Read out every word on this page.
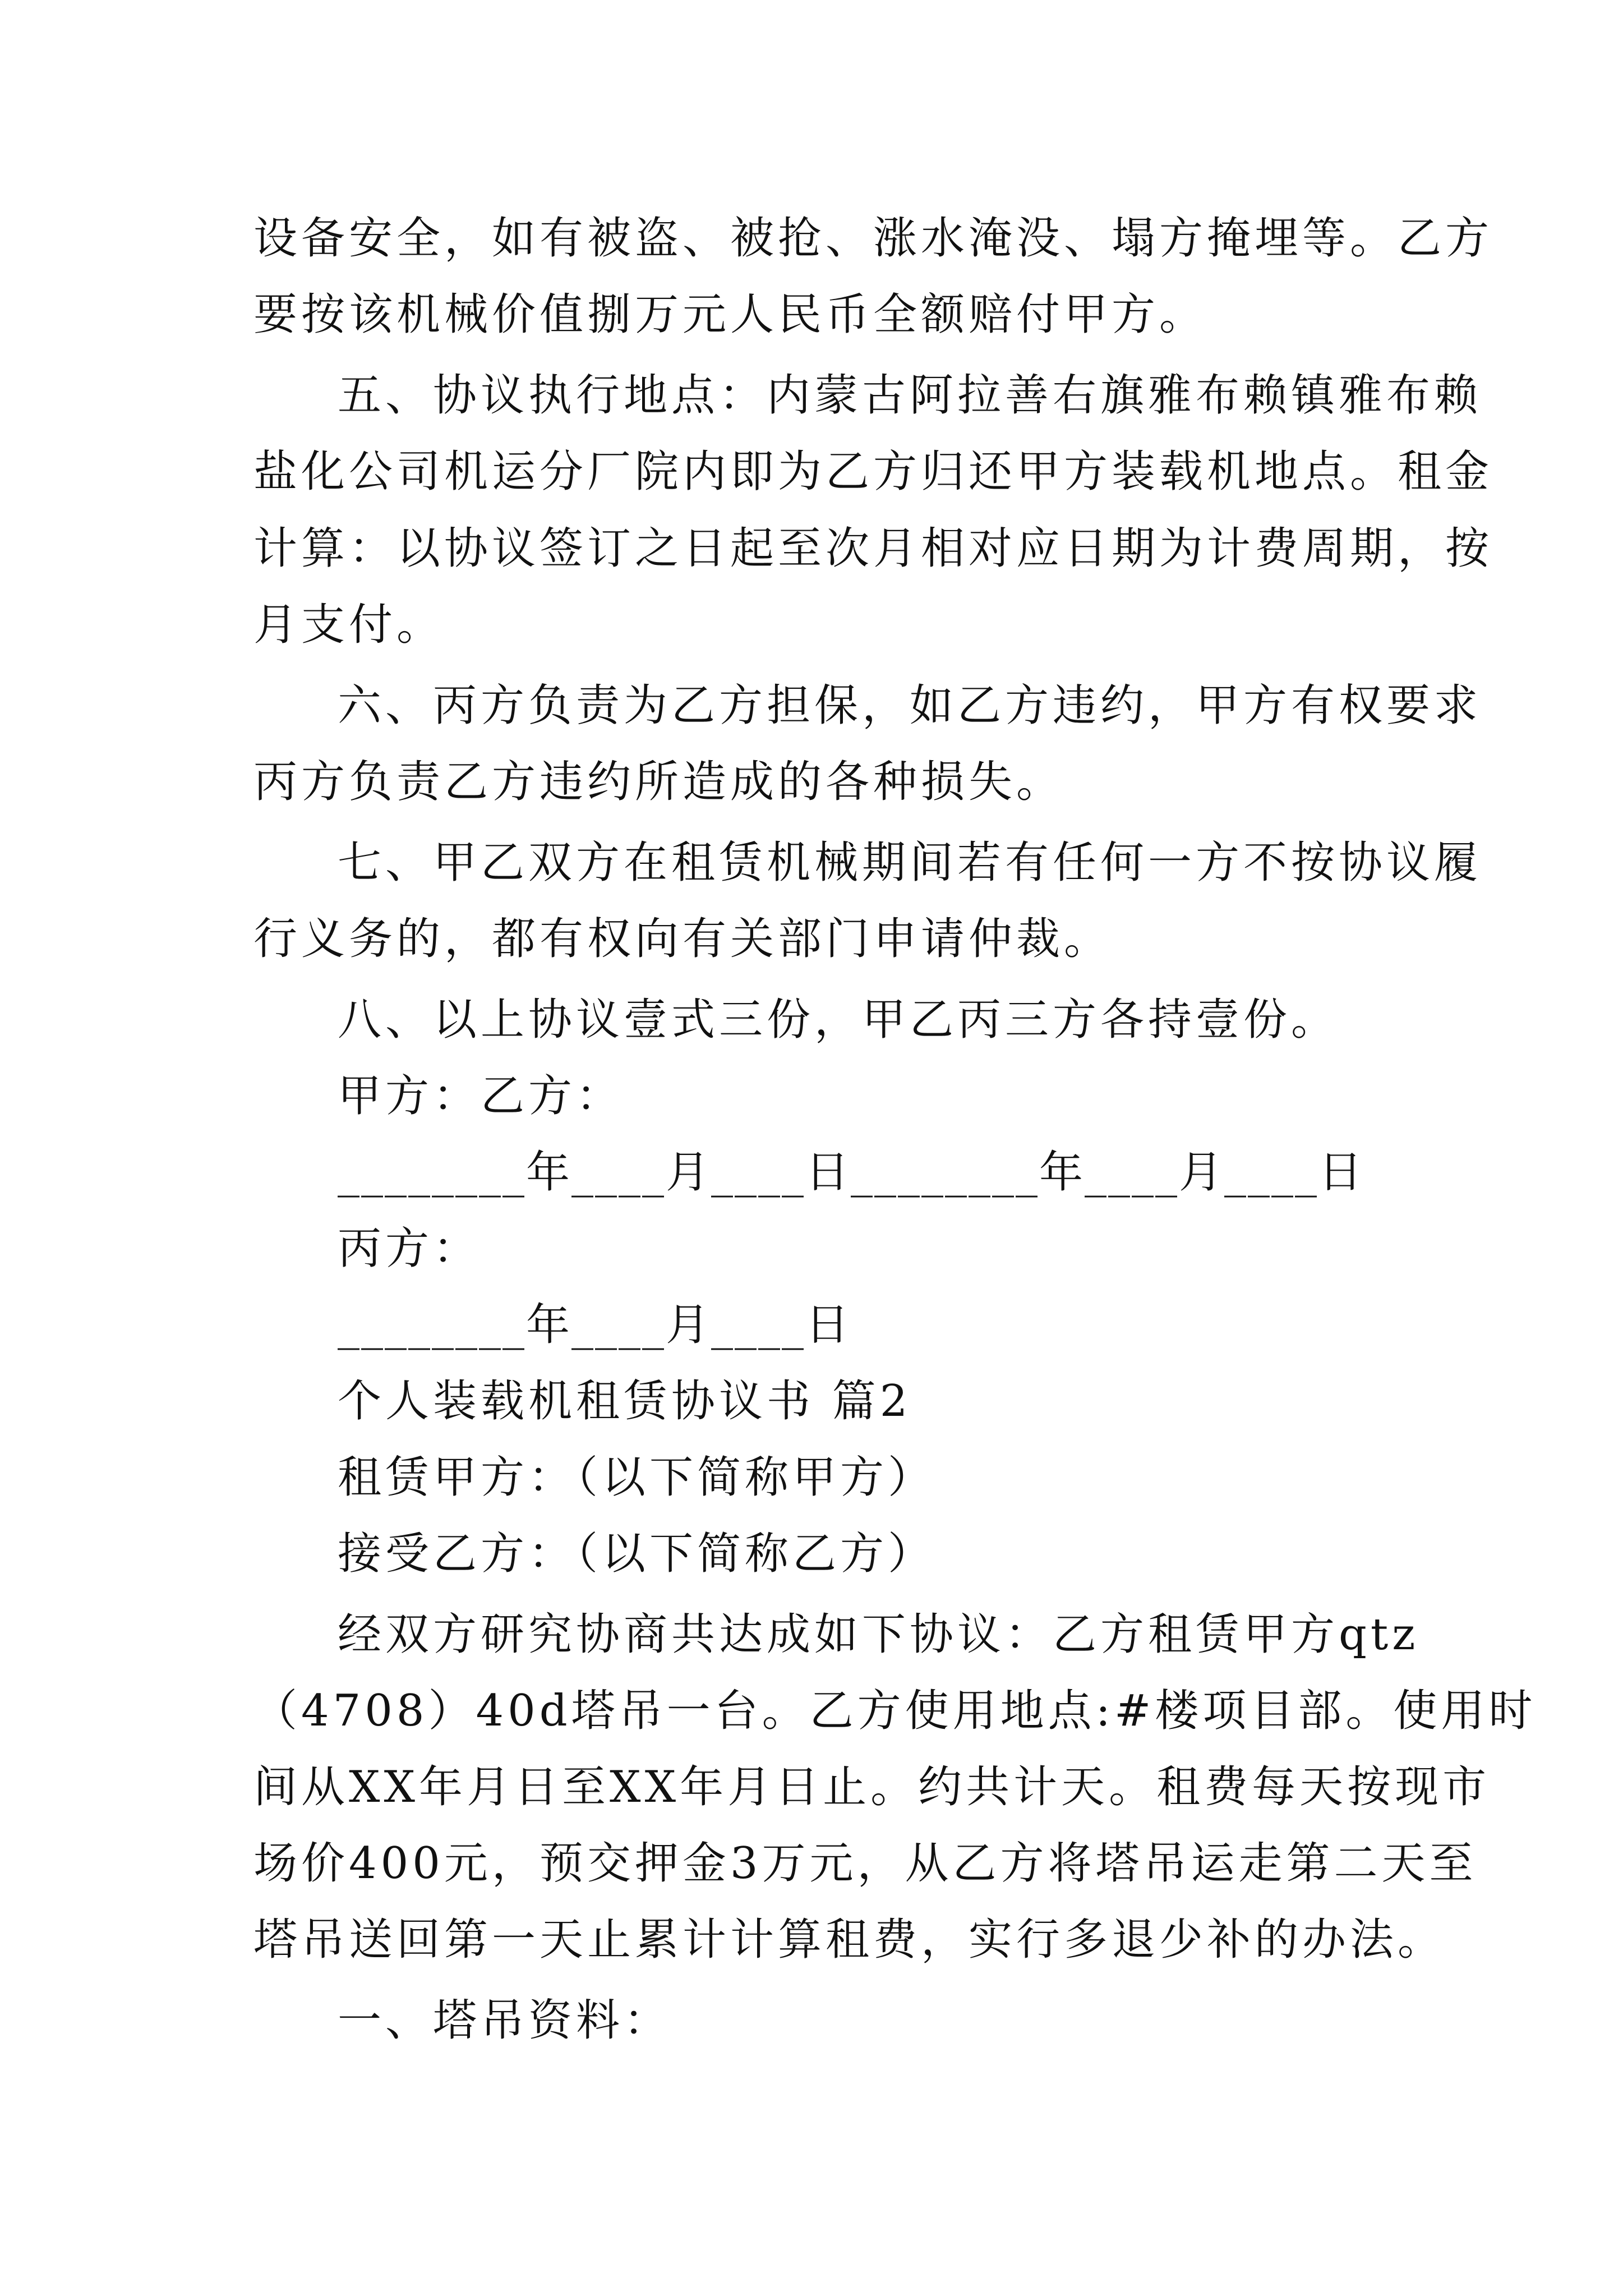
设备安全，如有被盗、被抢、涨水淹没、塌方掩埋等。乙方
要按该机械价值捌万元人民币全额赔付甲方。
五、协议执行地点：内蒙古阿拉善右旗雅布赖镇雅布赖
盐化公司机运分厂院内即为乙方归还甲方装载机地点。租金
计算：以协议签订之日起至次月相对应日期为计费周期，按
月支付。
六、丙方负责为乙方担保，如乙方违约，甲方有权要求
丙方负责乙方违约所造成的各种损失。
七、甲乙双方在租赁机械期间若有任何一方不按协议履
行义务的，都有权向有关部门申请仲裁。
八、以上协议壹式三份，甲乙丙三方各持壹份。
甲方：乙方：
________年____月____日________年____月____日
丙方：
________年____月____日
个人装载机租赁协议书 篇2
租赁甲方：（以下简称甲方）
接受乙方：（以下简称乙方）
经双方研究协商共达成如下协议：乙方租赁甲方qtz
（4708）40d塔吊一台。乙方使用地点:#楼项目部。使用时
间从XX年月日至XX年月日止。约共计天。租费每天按现市
场价400元，预交押金3万元，从乙方将塔吊运走第二天至
塔吊送回第一天止累计计算租费，实行多退少补的办法。
一、塔吊资料：
